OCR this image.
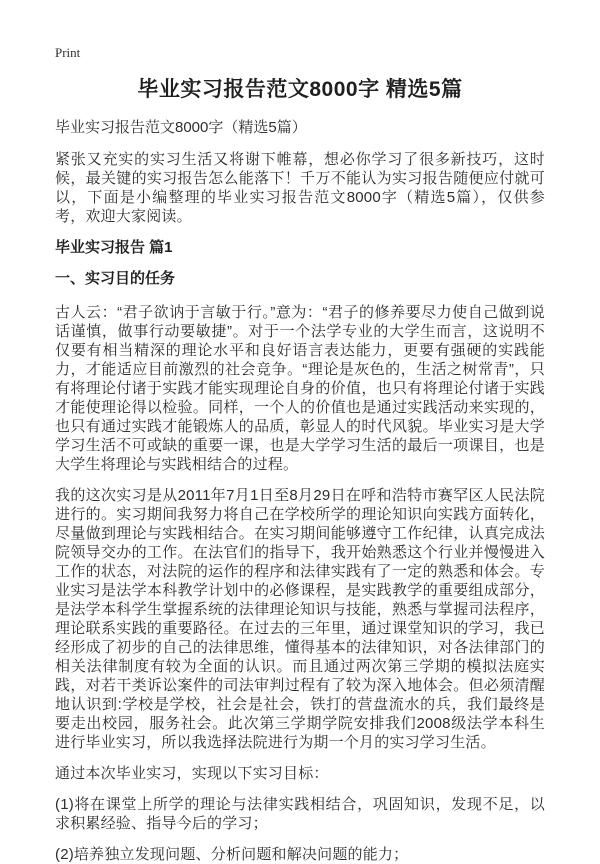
Print
毕业实习报告范文8000字 精选5篇

毕业实习报告范文8000字（精选5篇）

紧张又充实的实习生活又将谢下帷幕，想必你学习了很多新技巧，这时候，最关键的实习报告怎么能落下！千万不能认为实习报告随便应付就可以，下面是小编整理的毕业实习报告范文8000字（精选5篇），仅供参考，欢迎大家阅读。

毕业实习报告 篇1
一、实习目的任务

古人云：“君子欲讷于言敏于行。”意为：“君子的修养要尽力使自己做到说话谨慎，做事行动要敏捷”。对于一个法学专业的大学生而言，这说明不仅要有相当精深的理论水平和良好语言表达能力，更要有强硬的实践能力，才能适应目前激烈的社会竞争。“理论是灰色的，生活之树常青”，只有将理论付诸于实践才能实现理论自身的价值，也只有将理论付诸于实践才能使理论得以检验。同样，一个人的价值也是通过实践活动来实现的，也只有通过实践才能锻炼人的品质，彰显人的时代风貌。毕业实习是大学学习生活不可或缺的重要一课，也是大学学习生活的最后一项课目，也是大学生将理论与实践相结合的过程。

我的这次实习是从2011年7月1日至8月29日在呼和浩特市赛罕区人民法院进行的。实习期间我努力将自己在学校所学的理论知识向实践方面转化，尽量做到理论与实践相结合。在实习期间能够遵守工作纪律，认真完成法院领导交办的工作。在法官们的指导下，我开始熟悉这个行业并慢慢进入工作的状态，对法院的运作的程序和法律实践有了一定的熟悉和体会。专业实习是法学本科教学计划中的必修课程，是实践教学的重要组成部分，是法学本科学生掌握系统的法律理论知识与技能，熟悉与掌握司法程序，理论联系实践的重要路径。在过去的三年里，通过课堂知识的学习，我已经形成了初步的自己的法律思维，懂得基本的法律知识，对各法律部门的相关法律制度有较为全面的认识。而且通过两次第三学期的模拟法庭实践，对若干类诉讼案件的司法审判过程有了较为深入地体会。但必须清醒地认识到:学校是学校，社会是社会，铁打的营盘流水的兵，我们最终是要走出校园，服务社会。此次第三学期学院安排我们2008级法学本科生进行毕业实习，所以我选择法院进行为期一个月的实习学习生活。

通过本次毕业实习，实现以下实习目标：

(1)将在课堂上所学的理论与法律实践相结合，巩固知识，发现不足，以求积累经验、指导今后的学习；

(2)培养独立发现问题、分析问题和解决问题的能力；
